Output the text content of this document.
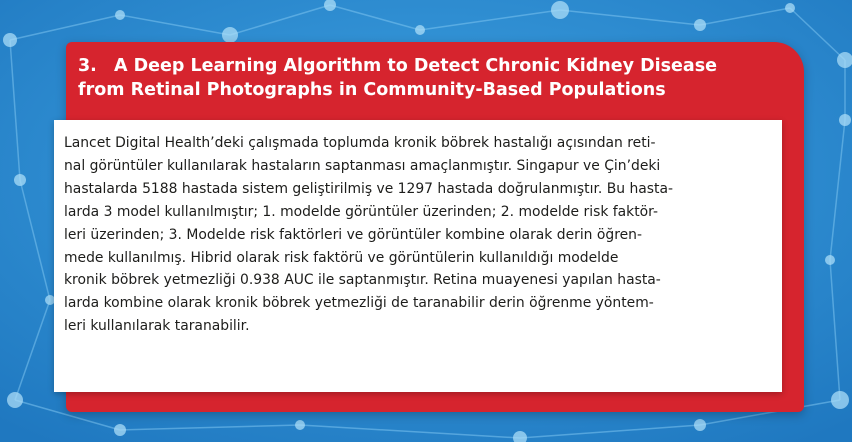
3. A Deep Learning Algorithm to Detect Chronic Kidney Disease
from Retinal Photographs in Community-Based Populations

Lancet Digital Health’deki çalışmada toplumda kronik böbrek hastalığı açısından reti-
nal görüntüler kullanılarak hastaların saptanması amaçlanmıştır. Singapur ve Çin’deki
hastalarda 5188 hastada sistem geliştirilmiş ve 1297 hastada doğrulanmıştır. Bu hasta-
larda 3 model kullanılmıştır; 1. modelde görüntüler üzerinden; 2. modelde risk faktör-
leri üzerinden; 3. Modelde risk faktörleri ve görüntüler kombine olarak derin öğren-
mede kullanılmış. Hibrid olarak risk faktörü ve görüntülerin kullanıldığı modelde
kronik böbrek yetmezliği 0.938 AUC ile saptanmıştır. Retina muayenesi yapılan hasta-
larda kombine olarak kronik böbrek yetmezliği de taranabilir derin öğrenme yöntem-
leri kullanılarak taranabilir.
